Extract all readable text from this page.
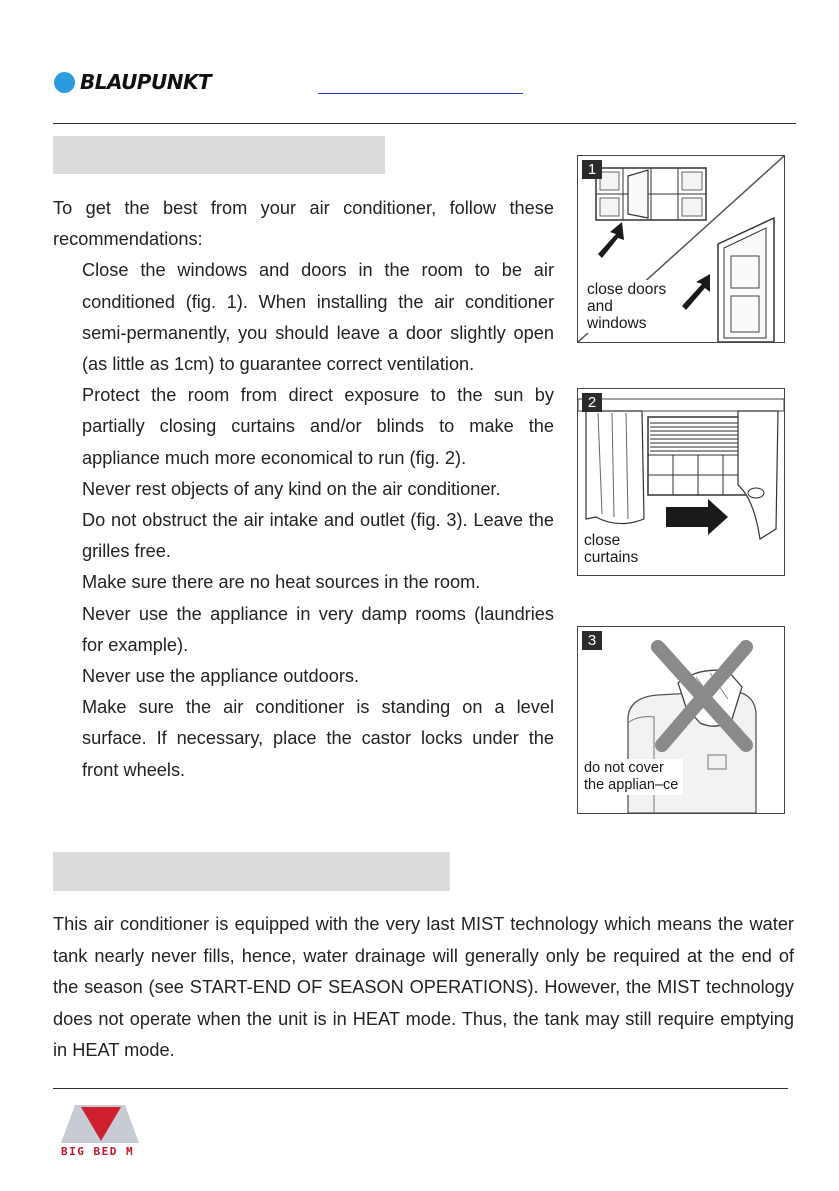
BLAUPUNKT

To get the best from your air conditioner, follow these recommendations:

Close the windows and doors in the room to be air conditioned (fig. 1). When installing the air conditioner semi-permanently, you should leave a door slightly open (as little as 1cm) to guarantee correct ventilation.
Protect the room from direct exposure to the sun by partially closing curtains and/or blinds to make the appliance much more economical to run (fig. 2).
Never rest objects of any kind on the air conditioner.
Do not obstruct the air intake and outlet (fig. 3). Leave the grilles free.
Make sure there are no heat sources in the room.
Never use the appliance in very damp rooms (laundries for example).
Never use the appliance outdoors.
Make sure the air conditioner is standing on a level surface. If necessary, place the castor locks under the front wheels.
1
close doors and windows
2
close curtains
3
do not cover the applian–ce

This air conditioner is equipped with the very last MIST technology which means the water tank nearly never fills, hence, water drainage will generally only be required at the end of the season (see START-END OF SEASON OPERATIONS). However, the MIST technology does not operate when the unit is in HEAT mode. Thus, the tank may still require emptying in HEAT mode.

BIG BED M
